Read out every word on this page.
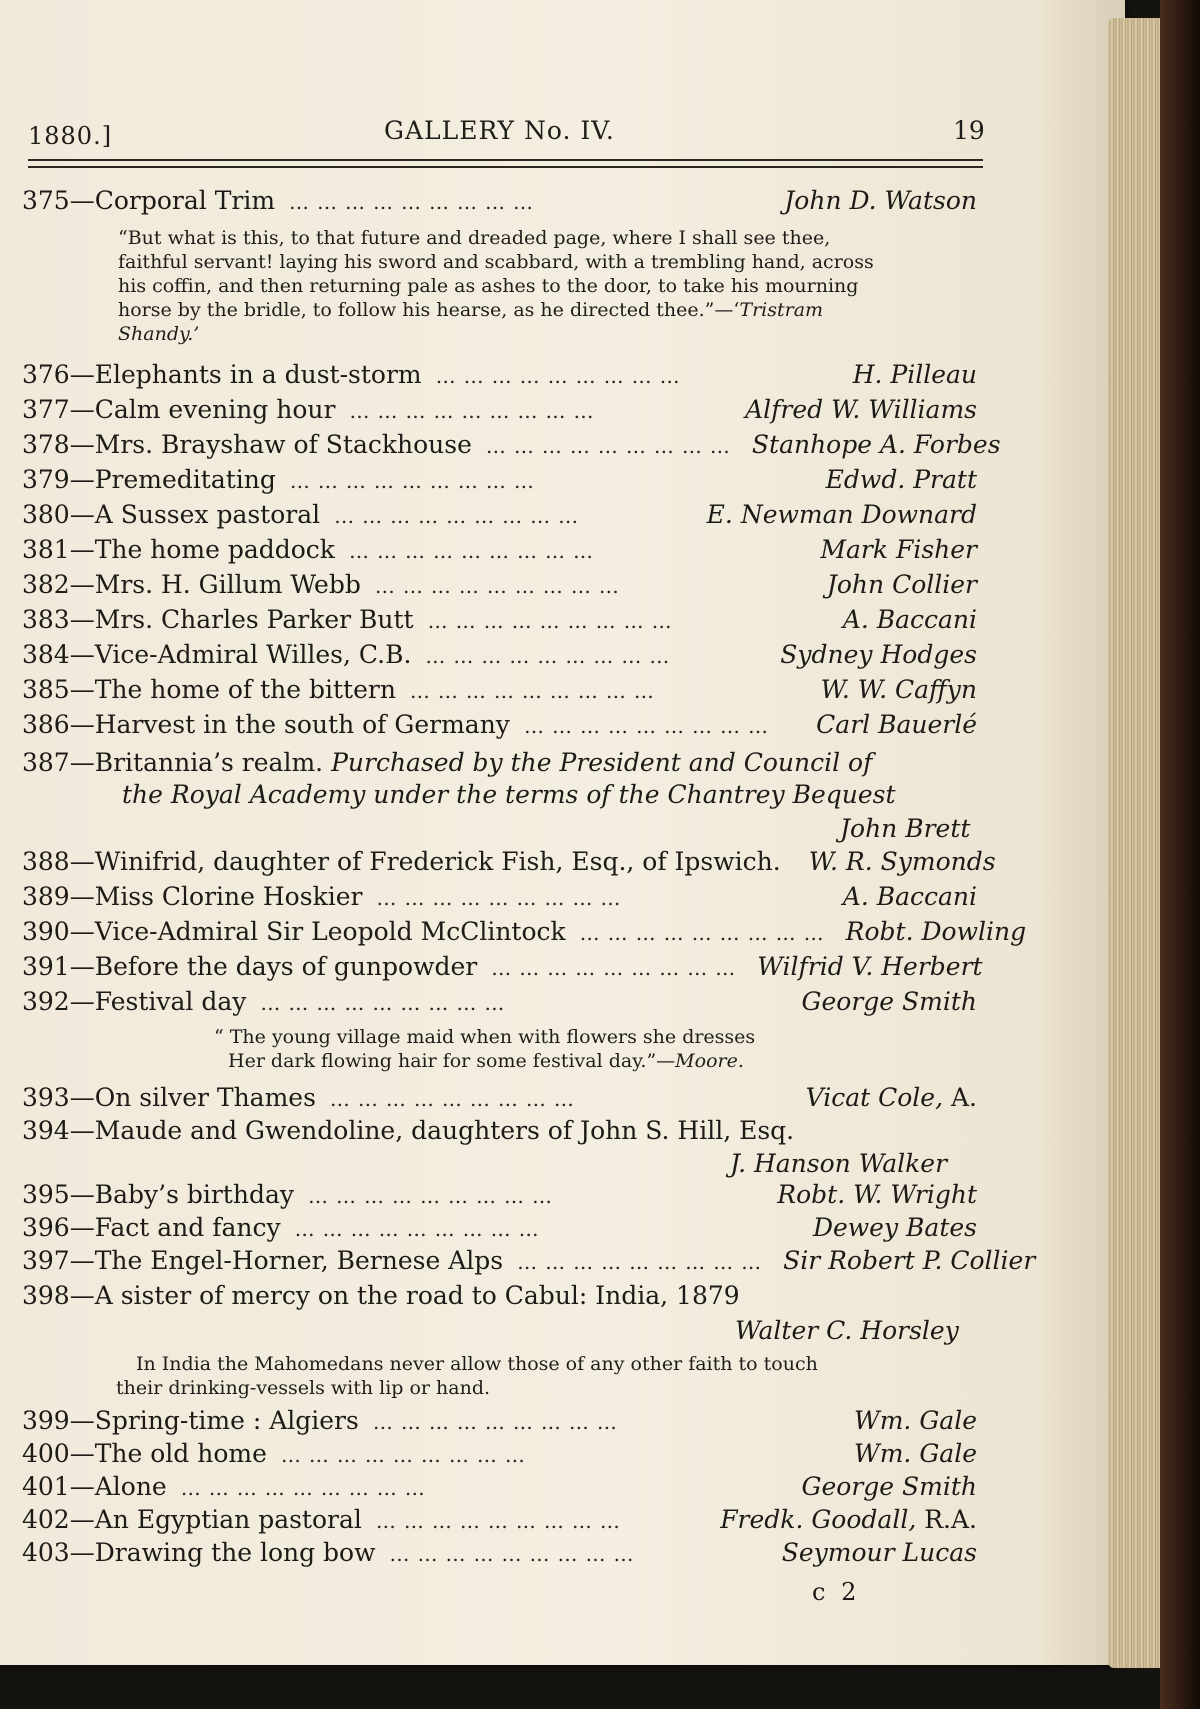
1880.]	GALLERY No. IV.	19
375—Corporal Trim ………………………	John D. Watson
“But what is this, to that future and dreaded page, where I shall see thee,
faithful servant! laying his sword and scabbard, with a trembling hand, across
his coffin, and then returning pale as ashes to the door, to take his mourning
horse by the bridle, to follow his hearse, as he directed thee.”—‘Tristram
Shandy.’
376—Elephants in a dust-storm ………………………	H. Pilleau
377—Calm evening hour ………………………	Alfred W. Williams
378—Mrs. Brayshaw of Stackhouse ……………………… Stanhope A. Forbes
379—Premeditating ………………………	Edwd. Pratt
380—A Sussex pastoral ………………………	E. Newman Downard
381—The home paddock ………………………	Mark Fisher
382—Mrs. H. Gillum Webb ………………………	John Collier
383—Mrs. Charles Parker Butt ………………………	A. Baccani
384—Vice-Admiral Willes, C.B. ………………………	Sydney Hodges
385—The home of the bittern ………………………	W. W. Caffyn
386—Harvest in the south of Germany ………………………	Carl Bauerlé
387—Britannia’s realm. Purchased by the President and Council of
the Royal Academy under the terms of the Chantrey Bequest
John Brett
388—Winifrid, daughter of Frederick Fish, Esq., of Ipswich. W. R. Symonds
389—Miss Clorine Hoskier ………………………	A. Baccani
390—Vice-Admiral Sir Leopold McClintock ……………………… Robt. Dowling
391—Before the days of gunpowder ……………………… Wilfrid V. Herbert
392—Festival day ………………………	George Smith
“ The young village maid when with flowers she dresses
Her dark flowing hair for some festival day.”—Moore.
393—On silver Thames ………………………	Vicat Cole, A.
394—Maude and Gwendoline, daughters of John S. Hill, Esq.
J. Hanson Walker
395—Baby’s birthday ………………………	Robt. W. Wright
396—Fact and fancy ………………………	Dewey Bates
397—The Engel-Horner, Bernese Alps ……………………… Sir Robert P. Collier
398—A sister of mercy on the road to Cabul: India, 1879
Walter C. Horsley
In India the Mahomedans never allow those of any other faith to touch
their drinking-vessels with lip or hand.
399—Spring-time : Algiers ………………………	Wm. Gale
400—The old home ………………………	Wm. Gale
401—Alone ………………………	George Smith
402—An Egyptian pastoral ………………………	Fredk. Goodall, R.A.
403—Drawing the long bow ………………………	Seymour Lucas
c 2
